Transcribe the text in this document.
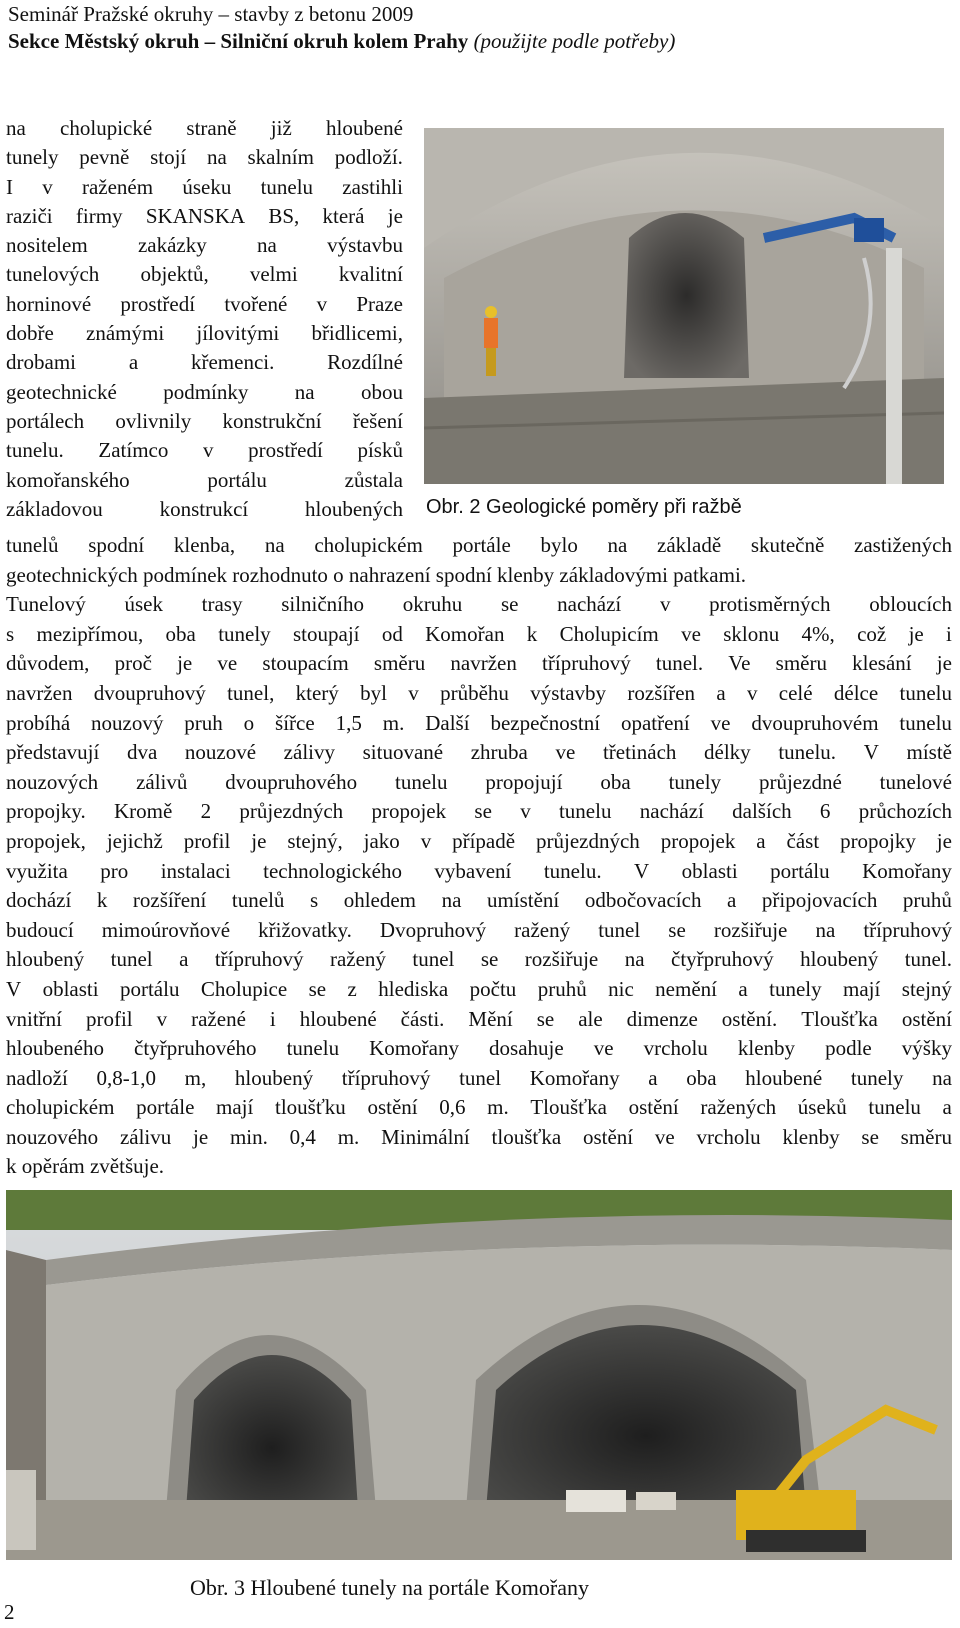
Seminář Pražské okruhy – stavby z betonu 2009
Sekce Městský okruh – Silniční okruh kolem Prahy (použijte podle potřeby)
na cholupické straně již hloubené
tunely pevně stojí na skalním podloží.
I v raženém úseku tunelu zastihli
raziči firmy SKANSKA BS, která je
nositelem zakázky na výstavbu
tunelových objektů, velmi kvalitní
horninové prostředí tvořené v Praze
dobře známými jílovitými břidlicemi,
drobami	a	křemenci.	Rozdílné
geotechnické podmínky na obou
portálech ovlivnily konstrukční řešení
tunelu. Zatímco v prostředí písků
komořanského	portálu	zůstala
základovou	konstrukcí	hloubených Obr. 2 Geologické poměry při ražbě
tunelů spodní klenba, na cholupickém portále bylo na základě skutečně zastižených
geotechnických podmínek rozhodnuto o nahrazení spodní klenby základovými patkami.
Tunelový úsek trasy silničního okruhu se nachází v protisměrných obloucích
s mezipřímou, oba tunely stoupají od Komořan k Cholupicím ve sklonu 4%, což je i
důvodem, proč je ve stoupacím směru navržen třípruhový tunel. Ve směru klesání je
navržen dvoupruhový tunel, který byl v průběhu výstavby rozšířen a v celé délce tunelu
probíhá nouzový pruh o šířce 1,5 m. Další bezpečnostní opatření ve dvoupruhovém tunelu
představují dva nouzové zálivy situované zhruba ve třetinách délky tunelu. V místě
nouzových zálivů dvoupruhového tunelu propojují oba tunely průjezdné tunelové
propojky. Kromě 2 průjezdných propojek se v tunelu nachází dalších 6 průchozích
propojek, jejichž profil je stejný, jako v případě průjezdných propojek a část propojky je
využita pro instalaci technologického vybavení tunelu. V oblasti portálu Komořany
dochází k rozšíření tunelů s ohledem na umístění odbočovacích a připojovacích pruhů
budoucí mimoúrovňové křižovatky. Dvopruhový ražený tunel se rozšiřuje na třípruhový
hloubený tunel a třípruhový ražený tunel se rozšiřuje na čtyřpruhový hloubený tunel.
V oblasti portálu Cholupice se z hlediska počtu pruhů nic nemění a tunely mají stejný
vnitřní profil v ražené i hloubené části. Mění se ale dimenze ostění. Tloušťka ostění
hloubeného čtyřpruhového tunelu Komořany dosahuje ve vrcholu klenby podle výšky
nadloží 0,8-1,0 m, hloubený třípruhový tunel Komořany a oba hloubené tunely na
cholupickém portále mají tloušťku ostění 0,6 m. Tloušťka ostění ražených úseků tunelu a
nouzového zálivu je min. 0,4 m. Minimální tloušťka ostění ve vrcholu klenby se směru
k opěrám zvětšuje.
Obr. 3 Hloubené tunely na portále Komořany
2
